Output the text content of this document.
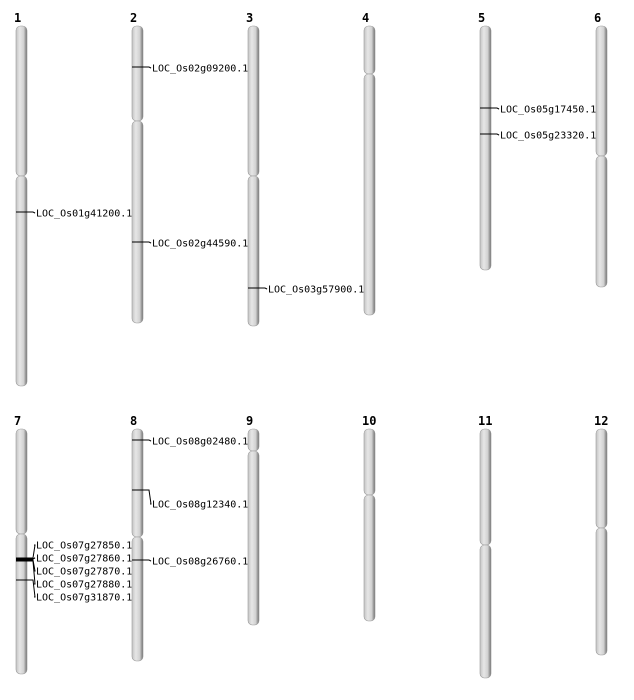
1
LOC_Os01g41200.1
2
LOC_Os02g09200.1
LOC_Os02g44590.1
3
LOC_Os03g57900.1
4	5
LOC_Os05g17450.1
LOC_Os05g23320.1
6
7
LOC_Os07g27850.1
LOC_Os07g27860.1
LOC_Os07g27870.1
LOC_Os07g27880.1
LOC_Os07g31870.1
8
LOC_Os08g02480.1
LOC_Os08g12340.1
LOC_Os08g26760.1
9	10	11	12
